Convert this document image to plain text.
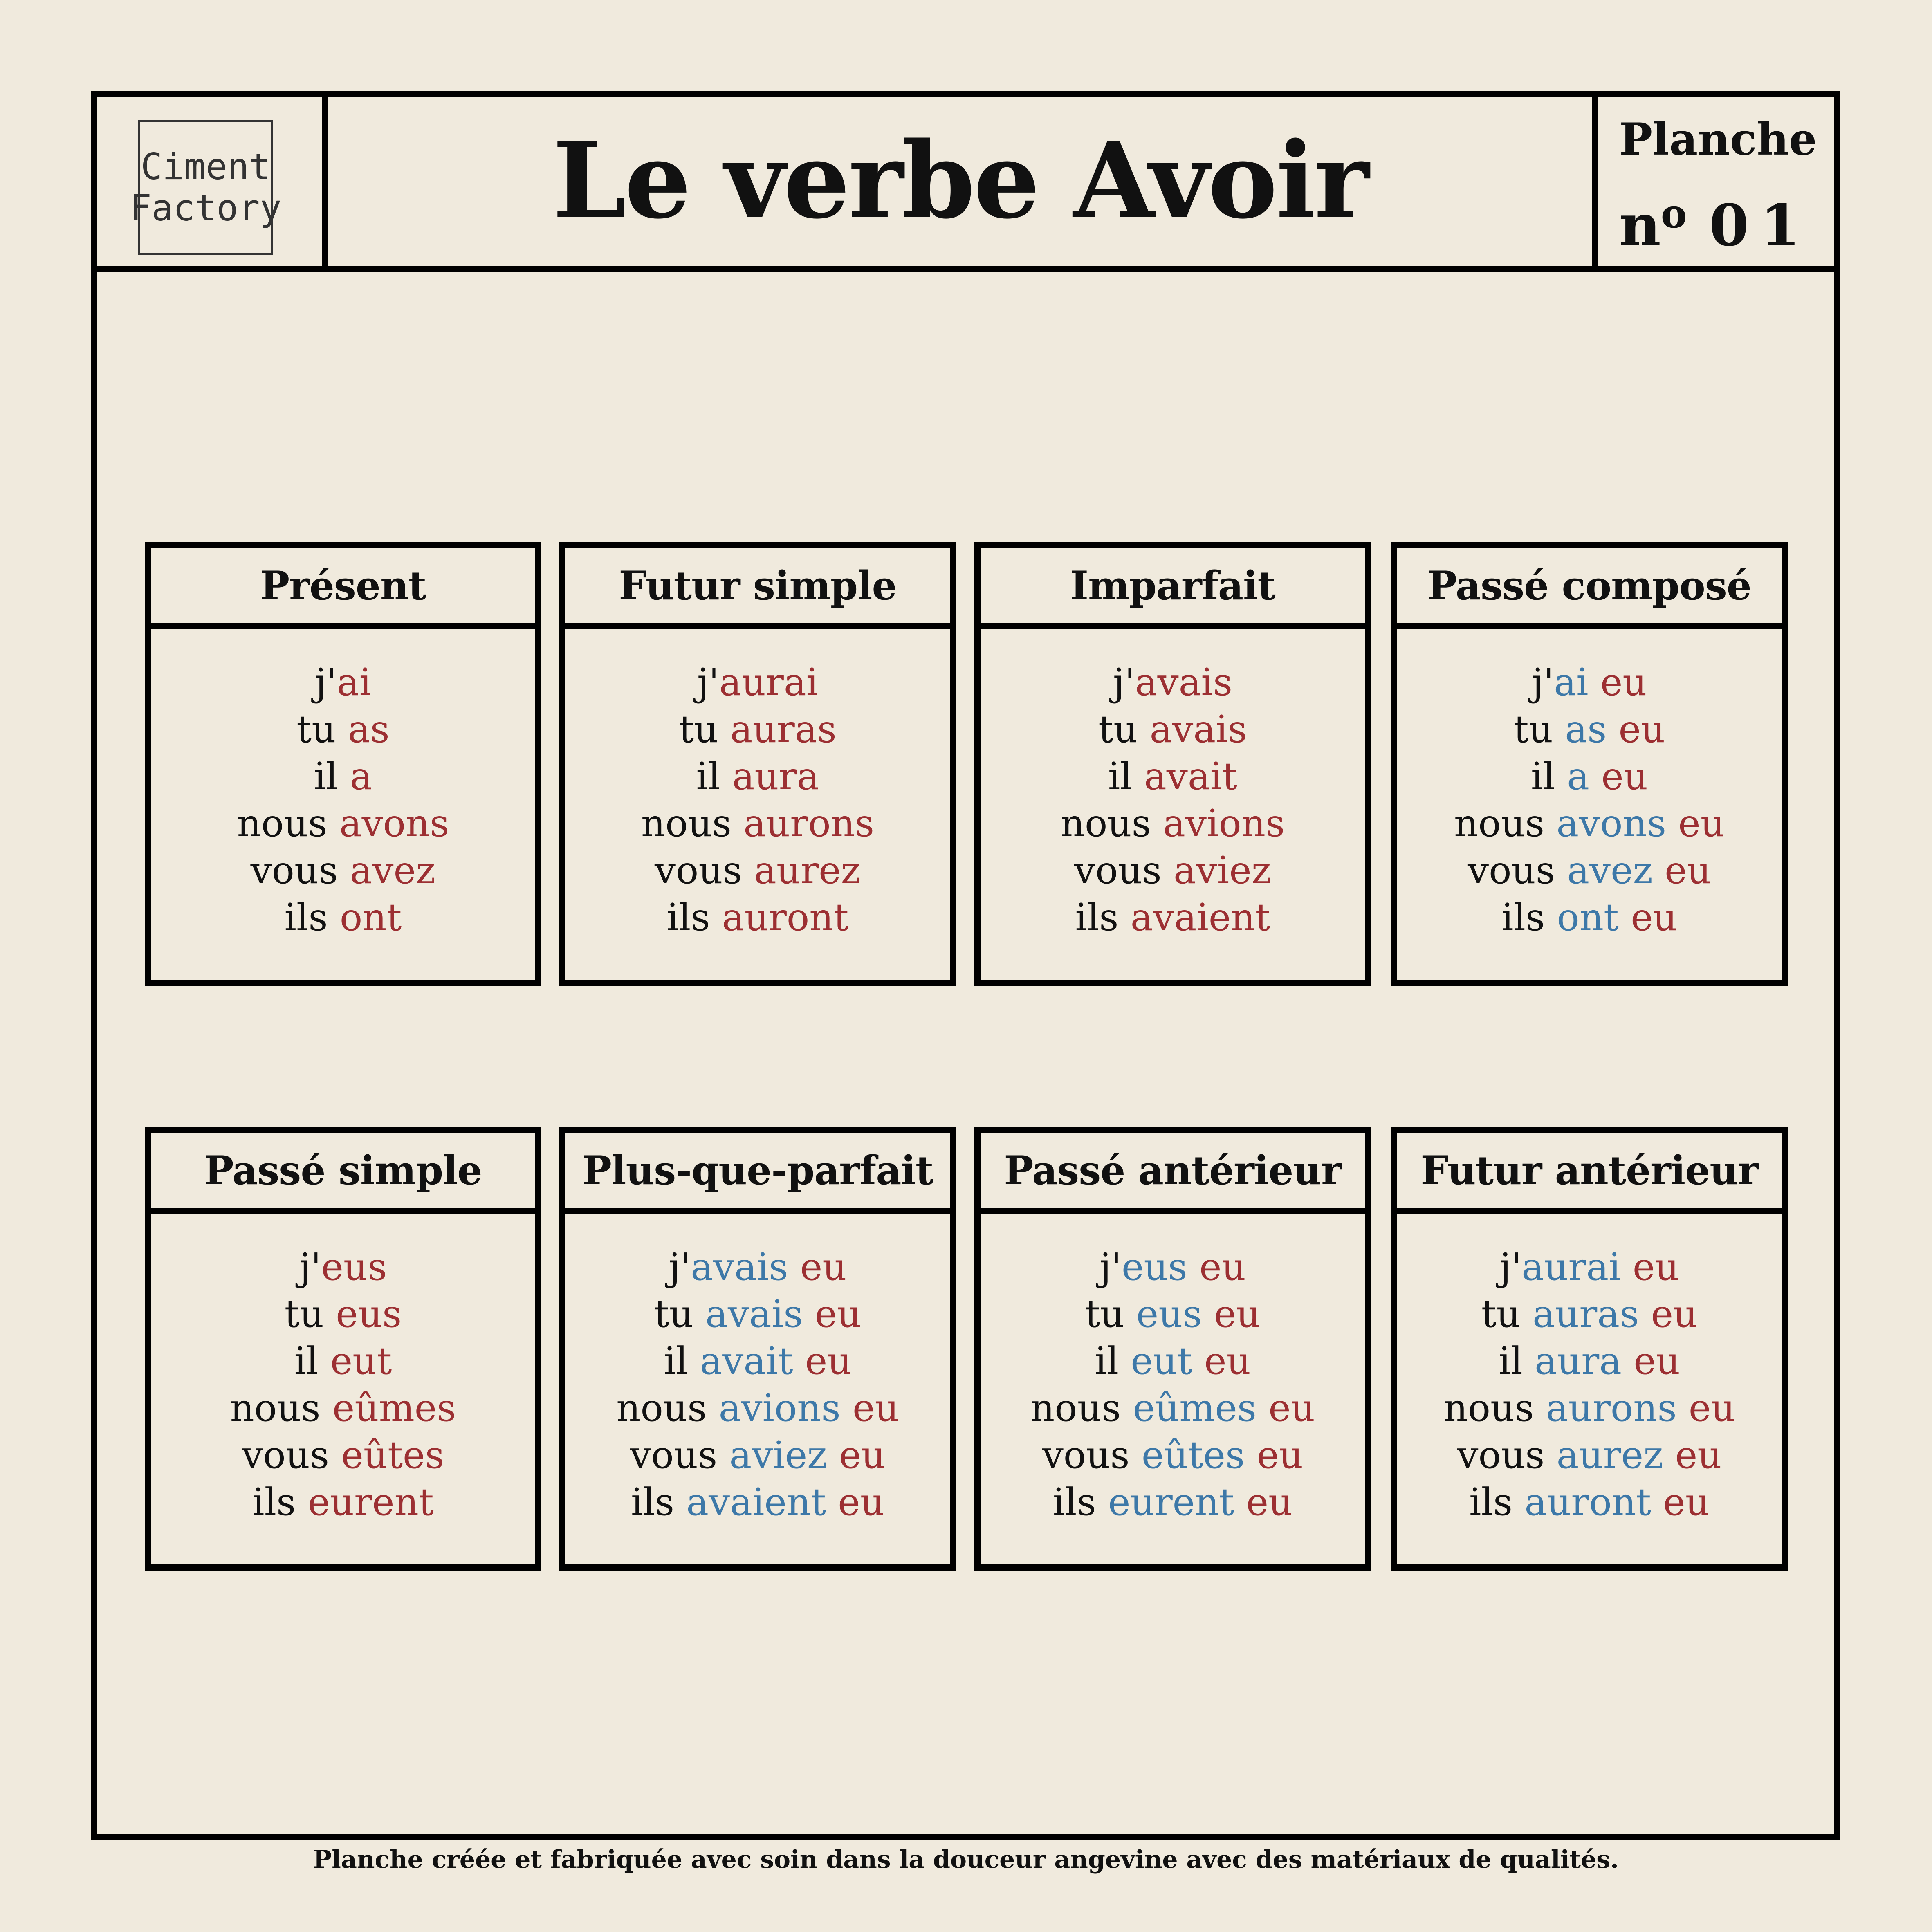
Ciment
Factory	Le verbe Avoir	Planche
$n^o$ 01
Présent
j'ai
tu as
il a
nous avons
vous avez
ils ont
Futur simple
j'aurai
tu auras
il aura
nous aurons
vous aurez
ils auront
Imparfait
j'avais
tu avais
il avait
nous avions
vous aviez
ils avaient
Passé composé
j'ai eu
tu as eu
il a eu
nous avons eu
vous avez eu
ils ont eu
Passé simple
j'eus
tu eus
il eut
nous eûmes
vous eûtes
ils eurent
Plus-que-parfait
j'avais eu
tu avais eu
il avait eu
nous avions eu
vous aviez eu
ils avaient eu
Passé antérieur
j'eus eu
tu eus eu
il eut eu
nous eûmes eu
vous eûtes eu
ils eurent eu
Futur antérieur
j'aurai eu
tu auras eu
il aura eu
nous aurons eu
vous aurez eu
ils auront eu
Planche créée et fabriquée avec soin dans la douceur angevine avec des matériaux de qualités.
